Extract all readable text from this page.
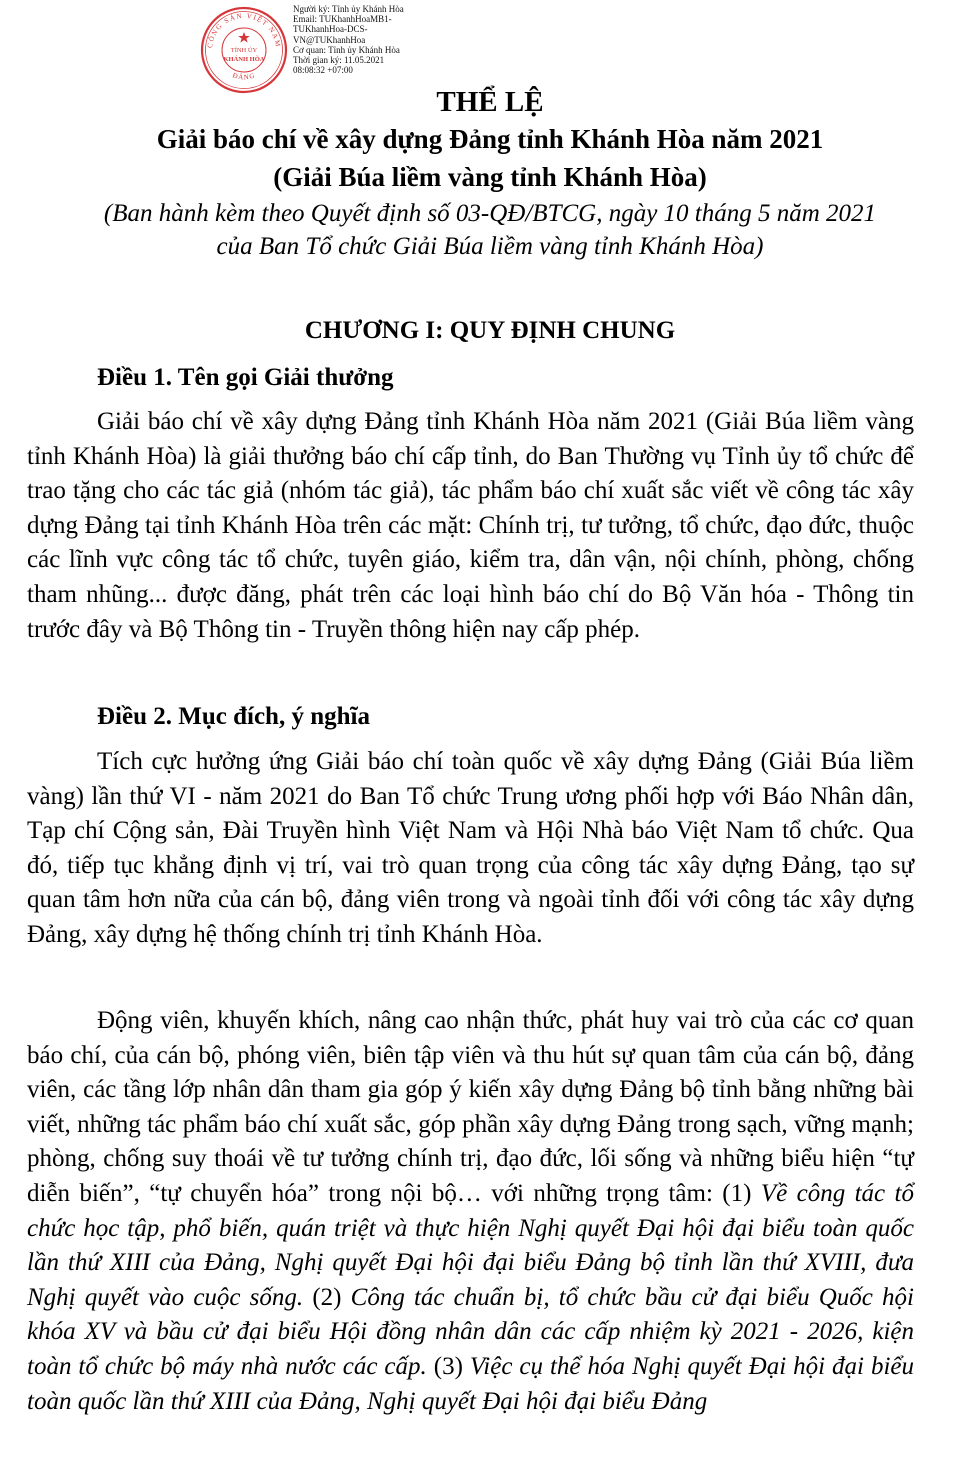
CÔNG SẢN VIỆT NAM
ĐẢNG
TỈNH ỦY
KHÁNH HÒA
Người ký: Tỉnh ủy Khánh Hòa
Email: TUKhanhHoaMB1-TUKhanhHoa-DCS-VN@TUKhanhHoa
Cơ quan: Tỉnh ủy Khánh Hòa
Thời gian ký: 11.05.2021 08:08:32 +07:00
THỂ LỆ
Giải báo chí về xây dựng Đảng tỉnh Khánh Hòa năm 2021
(Giải Búa liềm vàng tỉnh Khánh Hòa)
(Ban hành kèm theo Quyết định số 03-QĐ/BTCG, ngày 10 tháng 5 năm 2021
của Ban Tổ chức Giải Búa liềm vàng tỉnh Khánh Hòa)
CHƯƠNG I: QUY ĐỊNH CHUNG
Điều 1. Tên gọi Giải thưởng
Giải báo chí về xây dựng Đảng tỉnh Khánh Hòa năm 2021 (Giải Búa liềm vàng tỉnh Khánh Hòa) là giải thưởng báo chí cấp tỉnh, do Ban Thường vụ Tỉnh ủy tổ chức để trao tặng cho các tác giả (nhóm tác giả), tác phẩm báo chí xuất sắc viết về công tác xây dựng Đảng tại tỉnh Khánh Hòa trên các mặt: Chính trị, tư tưởng, tổ chức, đạo đức, thuộc các lĩnh vực công tác tổ chức, tuyên giáo, kiểm tra, dân vận, nội chính, phòng, chống tham nhũng... được đăng, phát trên các loại hình báo chí do Bộ Văn hóa - Thông tin trước đây và Bộ Thông tin - Truyền thông hiện nay cấp phép.
Điều 2. Mục đích, ý nghĩa
Tích cực hưởng ứng Giải báo chí toàn quốc về xây dựng Đảng (Giải Búa liềm vàng) lần thứ VI - năm 2021 do Ban Tổ chức Trung ương phối hợp với Báo Nhân dân, Tạp chí Cộng sản, Đài Truyền hình Việt Nam và Hội Nhà báo Việt Nam tổ chức. Qua đó, tiếp tục khẳng định vị trí, vai trò quan trọng của công tác xây dựng Đảng, tạo sự quan tâm hơn nữa của cán bộ, đảng viên trong và ngoài tỉnh đối với công tác xây dựng Đảng, xây dựng hệ thống chính trị tỉnh Khánh Hòa.
Động viên, khuyến khích, nâng cao nhận thức, phát huy vai trò của các cơ quan báo chí, của cán bộ, phóng viên, biên tập viên và thu hút sự quan tâm của cán bộ, đảng viên, các tầng lớp nhân dân tham gia góp ý kiến xây dựng Đảng bộ tỉnh bằng những bài viết, những tác phẩm báo chí xuất sắc, góp phần xây dựng Đảng trong sạch, vững mạnh; phòng, chống suy thoái về tư tưởng chính trị, đạo đức, lối sống và những biểu hiện “tự diễn biến”, “tự chuyển hóa” trong nội bộ… với những trọng tâm: (1) Về công tác tổ chức học tập, phổ biến, quán triệt và thực hiện Nghị quyết Đại hội đại biểu toàn quốc lần thứ XIII của Đảng, Nghị quyết Đại hội đại biểu Đảng bộ tỉnh lần thứ XVIII, đưa Nghị quyết vào cuộc sống. (2) Công tác chuẩn bị, tổ chức bầu cử đại biểu Quốc hội khóa XV và bầu cử đại biểu Hội đồng nhân dân các cấp nhiệm kỳ 2021 - 2026, kiện toàn tổ chức bộ máy nhà nước các cấp. (3) Việc cụ thể hóa Nghị quyết Đại hội đại biểu toàn quốc lần thứ XIII của Đảng, Nghị quyết Đại hội đại biểu Đảng
